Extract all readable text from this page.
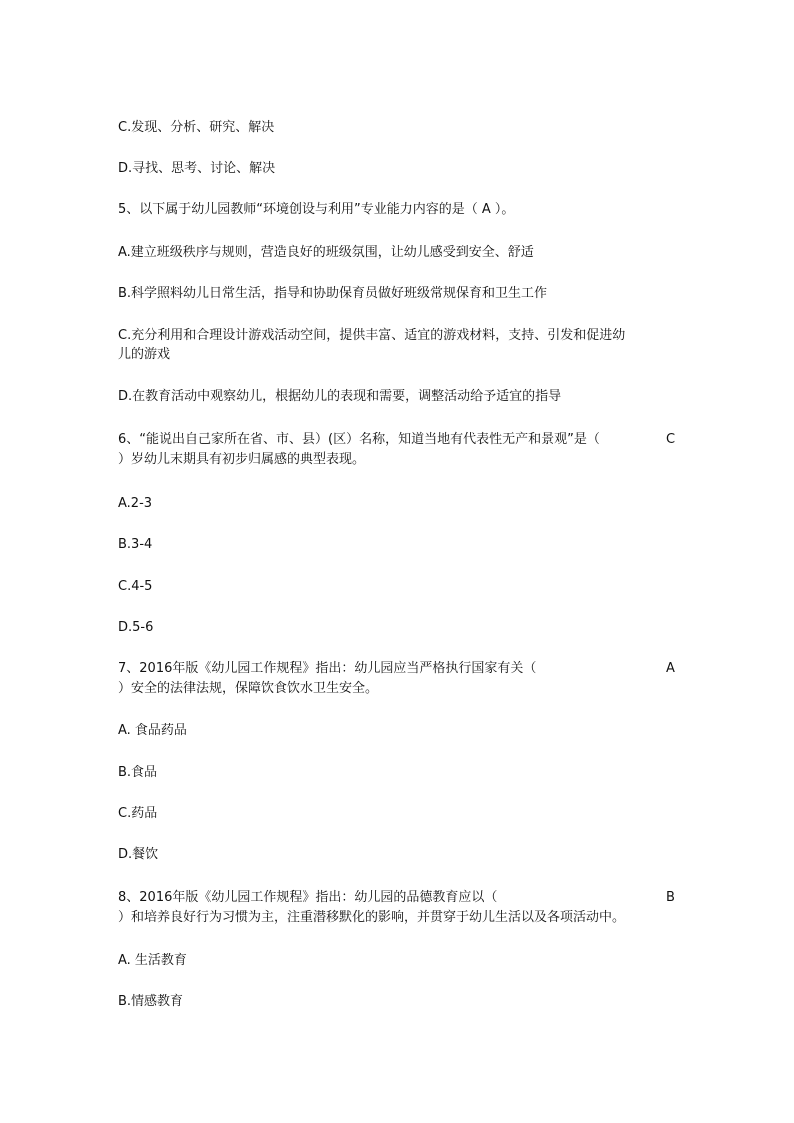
C.发现、分析、研究、解决
D.寻找、思考、讨论、解决
5、以下属于幼儿园教师“环境创设与利用”专业能力内容的是（ A ）。
A.建立班级秩序与规则，营造良好的班级氛围，让幼儿感受到安全、舒适
B.科学照料幼儿日常生活，指导和协助保育员做好班级常规保育和卫生工作
C.充分利用和合理设计游戏活动空间，提供丰富、适宜的游戏材料，支持、引发和促进幼
儿的游戏
D.在教育活动中观察幼儿，根据幼儿的表现和需要，调整活动给予适宜的指导
6、“能说出自己家所在省、市、县）(区）名称，知道当地有代表性无产和景观”是（	C
）岁幼儿末期具有初步归属感的典型表现。
A.2-3
B.3-4
C.4-5
D.5-6
7、2016年版《幼儿园工作规程》指出：幼儿园应当严格执行国家有关（	A
）安全的法律法规，保障饮食饮水卫生安全。
A. 食品药品
B.食品
C.药品
D.餐饮
8、2016年版《幼儿园工作规程》指出：幼儿园的品德教育应以（	B
）和培养良好行为习惯为主，注重潜移默化的影响，并贯穿于幼儿生活以及各项活动中。
A. 生活教育
B.情感教育
